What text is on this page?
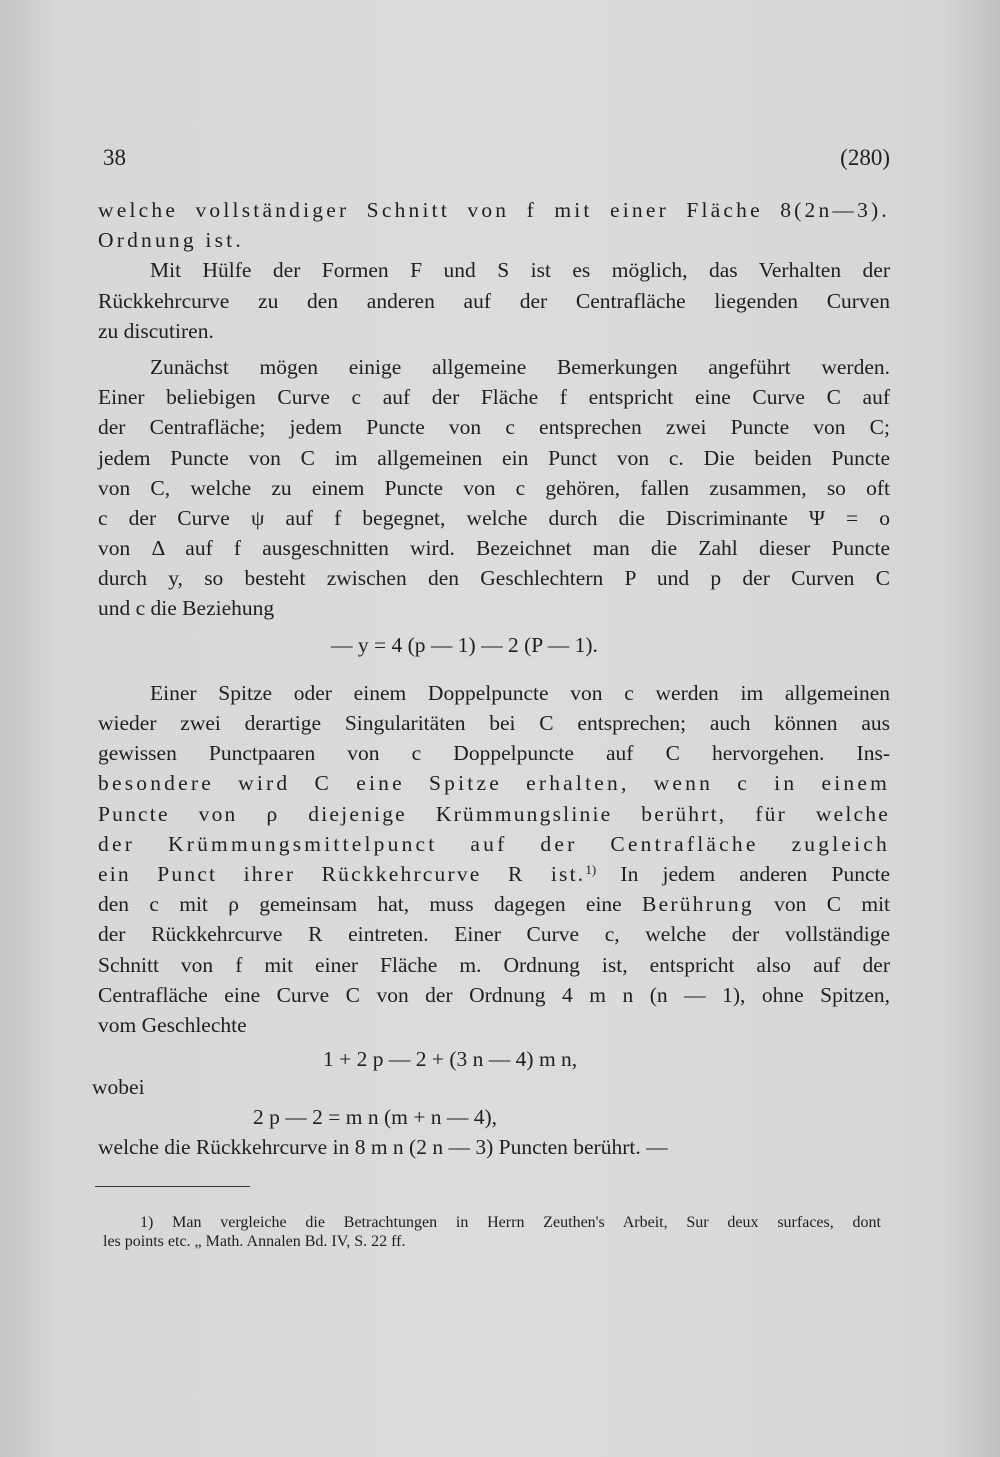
38	(280)
welche vollständiger Schnitt von f mit einer Fläche 8(2n—3).
Ordnung ist.
Mit Hülfe der Formen F und S ist es möglich, das Verhalten der
Rückkehrcurve zu den anderen auf der Centrafläche liegenden Curven
zu discutiren.
Zunächst mögen einige allgemeine Bemerkungen angeführt werden.
Einer beliebigen Curve c auf der Fläche f entspricht eine Curve C auf
der Centrafläche; jedem Puncte von c entsprechen zwei Puncte von C;
jedem Puncte von C im allgemeinen ein Punct von c. Die beiden Puncte
von C, welche zu einem Puncte von c gehören, fallen zusammen, so oft
c der Curve ψ auf f begegnet, welche durch die Discriminante Ψ = o
von Δ auf f ausgeschnitten wird. Bezeichnet man die Zahl dieser Puncte
durch y, so besteht zwischen den Geschlechtern P und p der Curven C
und c die Beziehung
— y = 4 (p — 1) — 2 (P — 1).
Einer Spitze oder einem Doppelpuncte von c werden im allgemeinen
wieder zwei derartige Singularitäten bei C entsprechen; auch können aus
gewissen Punctpaaren von c Doppelpuncte auf C hervorgehen. Ins-
besondere wird C eine Spitze erhalten, wenn c in einem
Puncte von ρ diejenige Krümmungslinie berührt, für welche
der Krümmungsmittelpunct auf der Centrafläche zugleich
ein Punct ihrer Rückkehrcurve R ist.$^{1)}$ In jedem anderen Puncte
den c mit ρ gemeinsam hat, muss dagegen eine Berührung von C mit
der Rückkehrcurve R eintreten. Einer Curve c, welche der vollständige
Schnitt von f mit einer Fläche m. Ordnung ist, entspricht also auf der
Centrafläche eine Curve C von der Ordnung 4 m n (n — 1), ohne Spitzen,
vom Geschlechte
1 + 2 p — 2 + (3 n — 4) m n,
wobei
2 p — 2 = m n (m + n — 4),
welche die Rückkehrcurve in 8 m n (2 n — 3) Puncten berührt. —
1) Man vergleiche die Betrachtungen in Herrn Zeuthen's Arbeit, Sur deux surfaces, dont
les points etc. „ Math. Annalen Bd. IV, S. 22 ff.
